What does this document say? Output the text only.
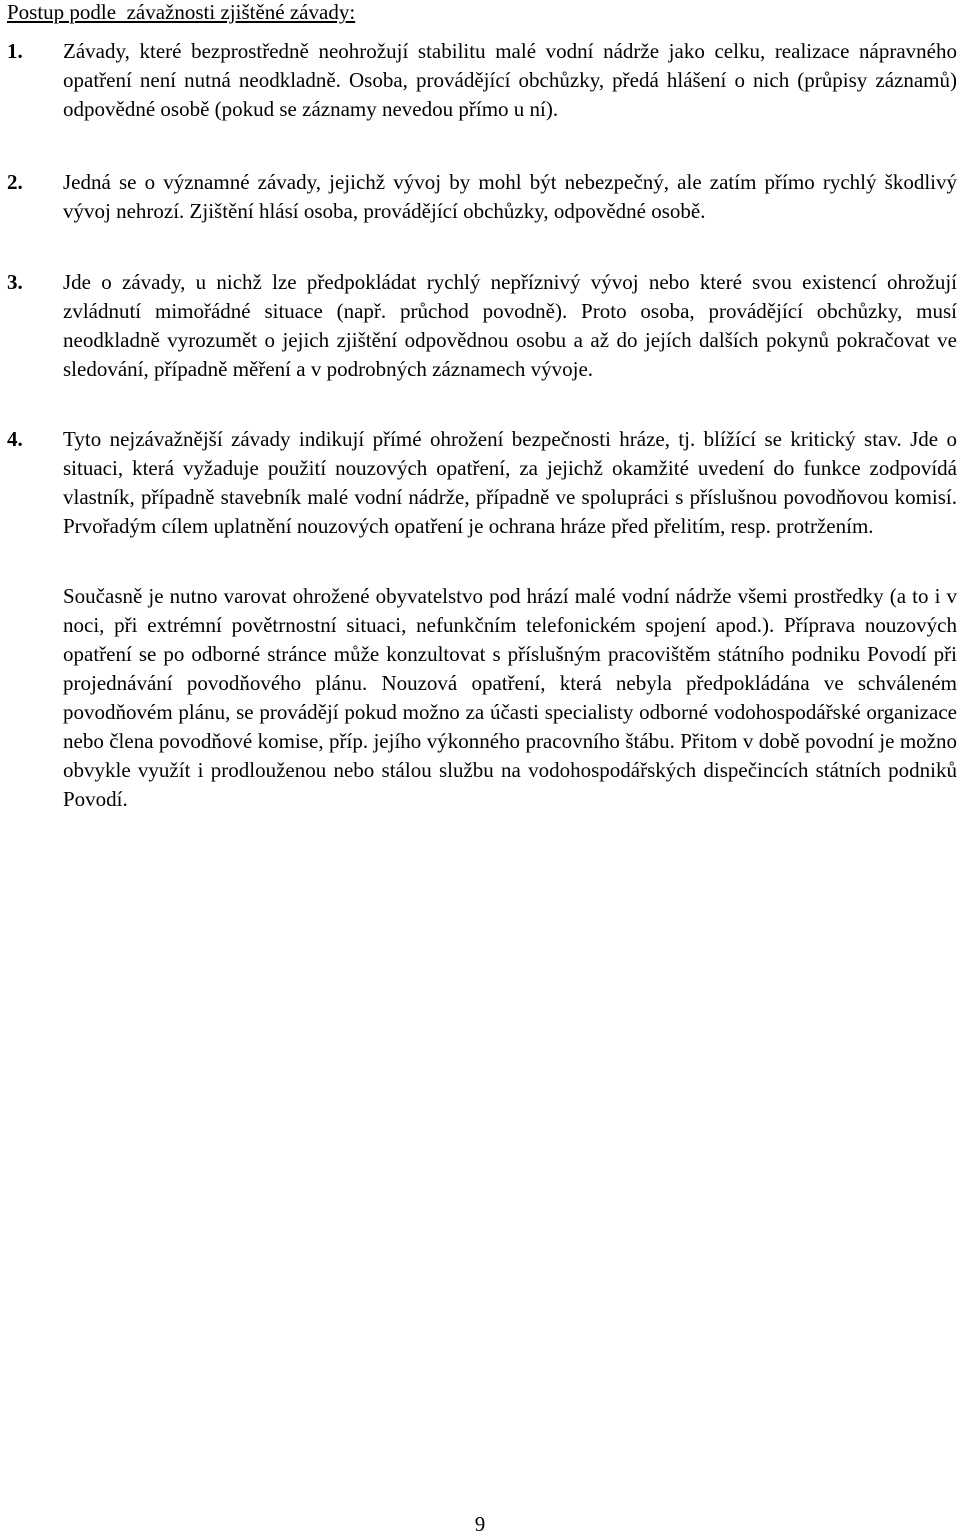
Postup podle  závažnosti zjištěné závady:

1. Závady, které bezprostředně neohrožují stabilitu malé vodní nádrže jako celku, realizace nápravného opatření není nutná neodkladně. Osoba, provádějící obchůzky, předá hlášení o nich (průpisy záznamů) odpovědné osobě (pokud se záznamy nevedou přímo u ní).

2. Jedná se o významné závady, jejichž vývoj by mohl být nebezpečný, ale zatím přímo rychlý škodlivý vývoj nehrozí. Zjištění hlásí osoba, provádějící obchůzky, odpovědné osobě.

3. Jde o závady, u nichž lze předpokládat rychlý nepříznivý vývoj nebo které svou existencí ohrožují zvládnutí mimořádné situace (např. průchod povodně). Proto osoba, provádějící obchůzky, musí neodkladně vyrozumět o jejich zjištění odpovědnou osobu a až do jejích dalších pokynů pokračovat ve sledování, případně měření a v podrobných záznamech vývoje.

4. Tyto nejzávažnější závady indikují přímé ohrožení bezpečnosti hráze, tj. blížící se kritický stav. Jde o situaci, která vyžaduje použití nouzových opatření, za jejichž okamžité uvedení do funkce zodpovídá vlastník, případně stavebník malé vodní nádrže, případně ve spolupráci s příslušnou povodňovou komisí. Prvořadým cílem uplatnění nouzových opatření je ochrana hráze před přelitím, resp. protržením.

Současně je nutno varovat ohrožené obyvatelstvo pod hrází malé vodní nádrže všemi prostředky (a to i v noci, při extrémní povětrnostní situaci, nefunkčním telefonickém spojení apod.). Příprava nouzových opatření se po odborné stránce může konzultovat s příslušným pracovištěm státního podniku Povodí při projednávání povodňového plánu. Nouzová opatření, která nebyla předpokládána ve schváleném povodňovém plánu, se provádějí pokud možno za účasti specialisty odborné vodohospodářské organizace nebo člena povodňové komise, příp. jejího výkonného pracovního štábu. Přitom v době povodní je možno obvykle využít i prodlouženou nebo stálou službu na vodohospodářských dispečincích státních podniků Povodí.

9
